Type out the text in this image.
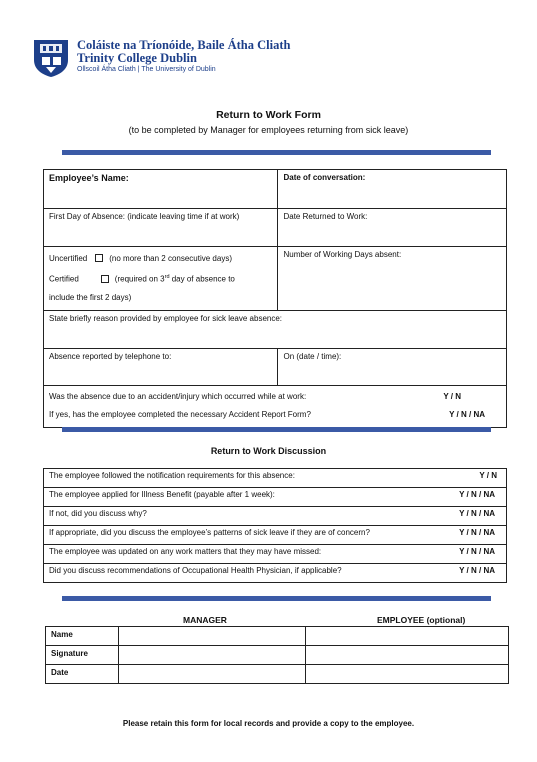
Coláiste na Tríonóide, Baile Átha Cliath
Trinity College Dublin
Ollscoil Átha Cliath | The University of Dublin
Return to Work Form
(to be completed by Manager for employees returning from sick leave)
Employee’s Name:	Date of conversation:
First Day of Absence: (indicate leaving time if at work)	Date Returned to Work:

Uncertified (no more than 2 consecutive days)
Certified (required on 3rd day of absence to
include the first 2 days)	Number of Working Days absent:
State briefly reason provided by employee for sick leave absence:	
Absence reported by telephone to:	On (date / time):

Was the absence due to an accident/injury which occurred while at work: Y / N
If yes, has the employee completed the necessary Accident Report Form? Y / N / NA	
Return to Work Discussion
The employee followed the notification requirements for this absence:	Y / N

The employee applied for Illness Benefit (payable after 1 week):	Y / N / NA

If not, did you discuss why?	Y / N / NA

If appropriate, did you discuss the employee’s patterns of sick leave if they are of concern?	Y / N / NA

The employee was updated on any work matters that they may have missed:	Y / N / NA

Did you discuss recommendations of Occupational Health Physician, if applicable?	Y / N / NA
MANAGER	EMPLOYEE (optional)
Name		
Signature		
Date		
Please retain this form for local records and provide a copy to the employee.
